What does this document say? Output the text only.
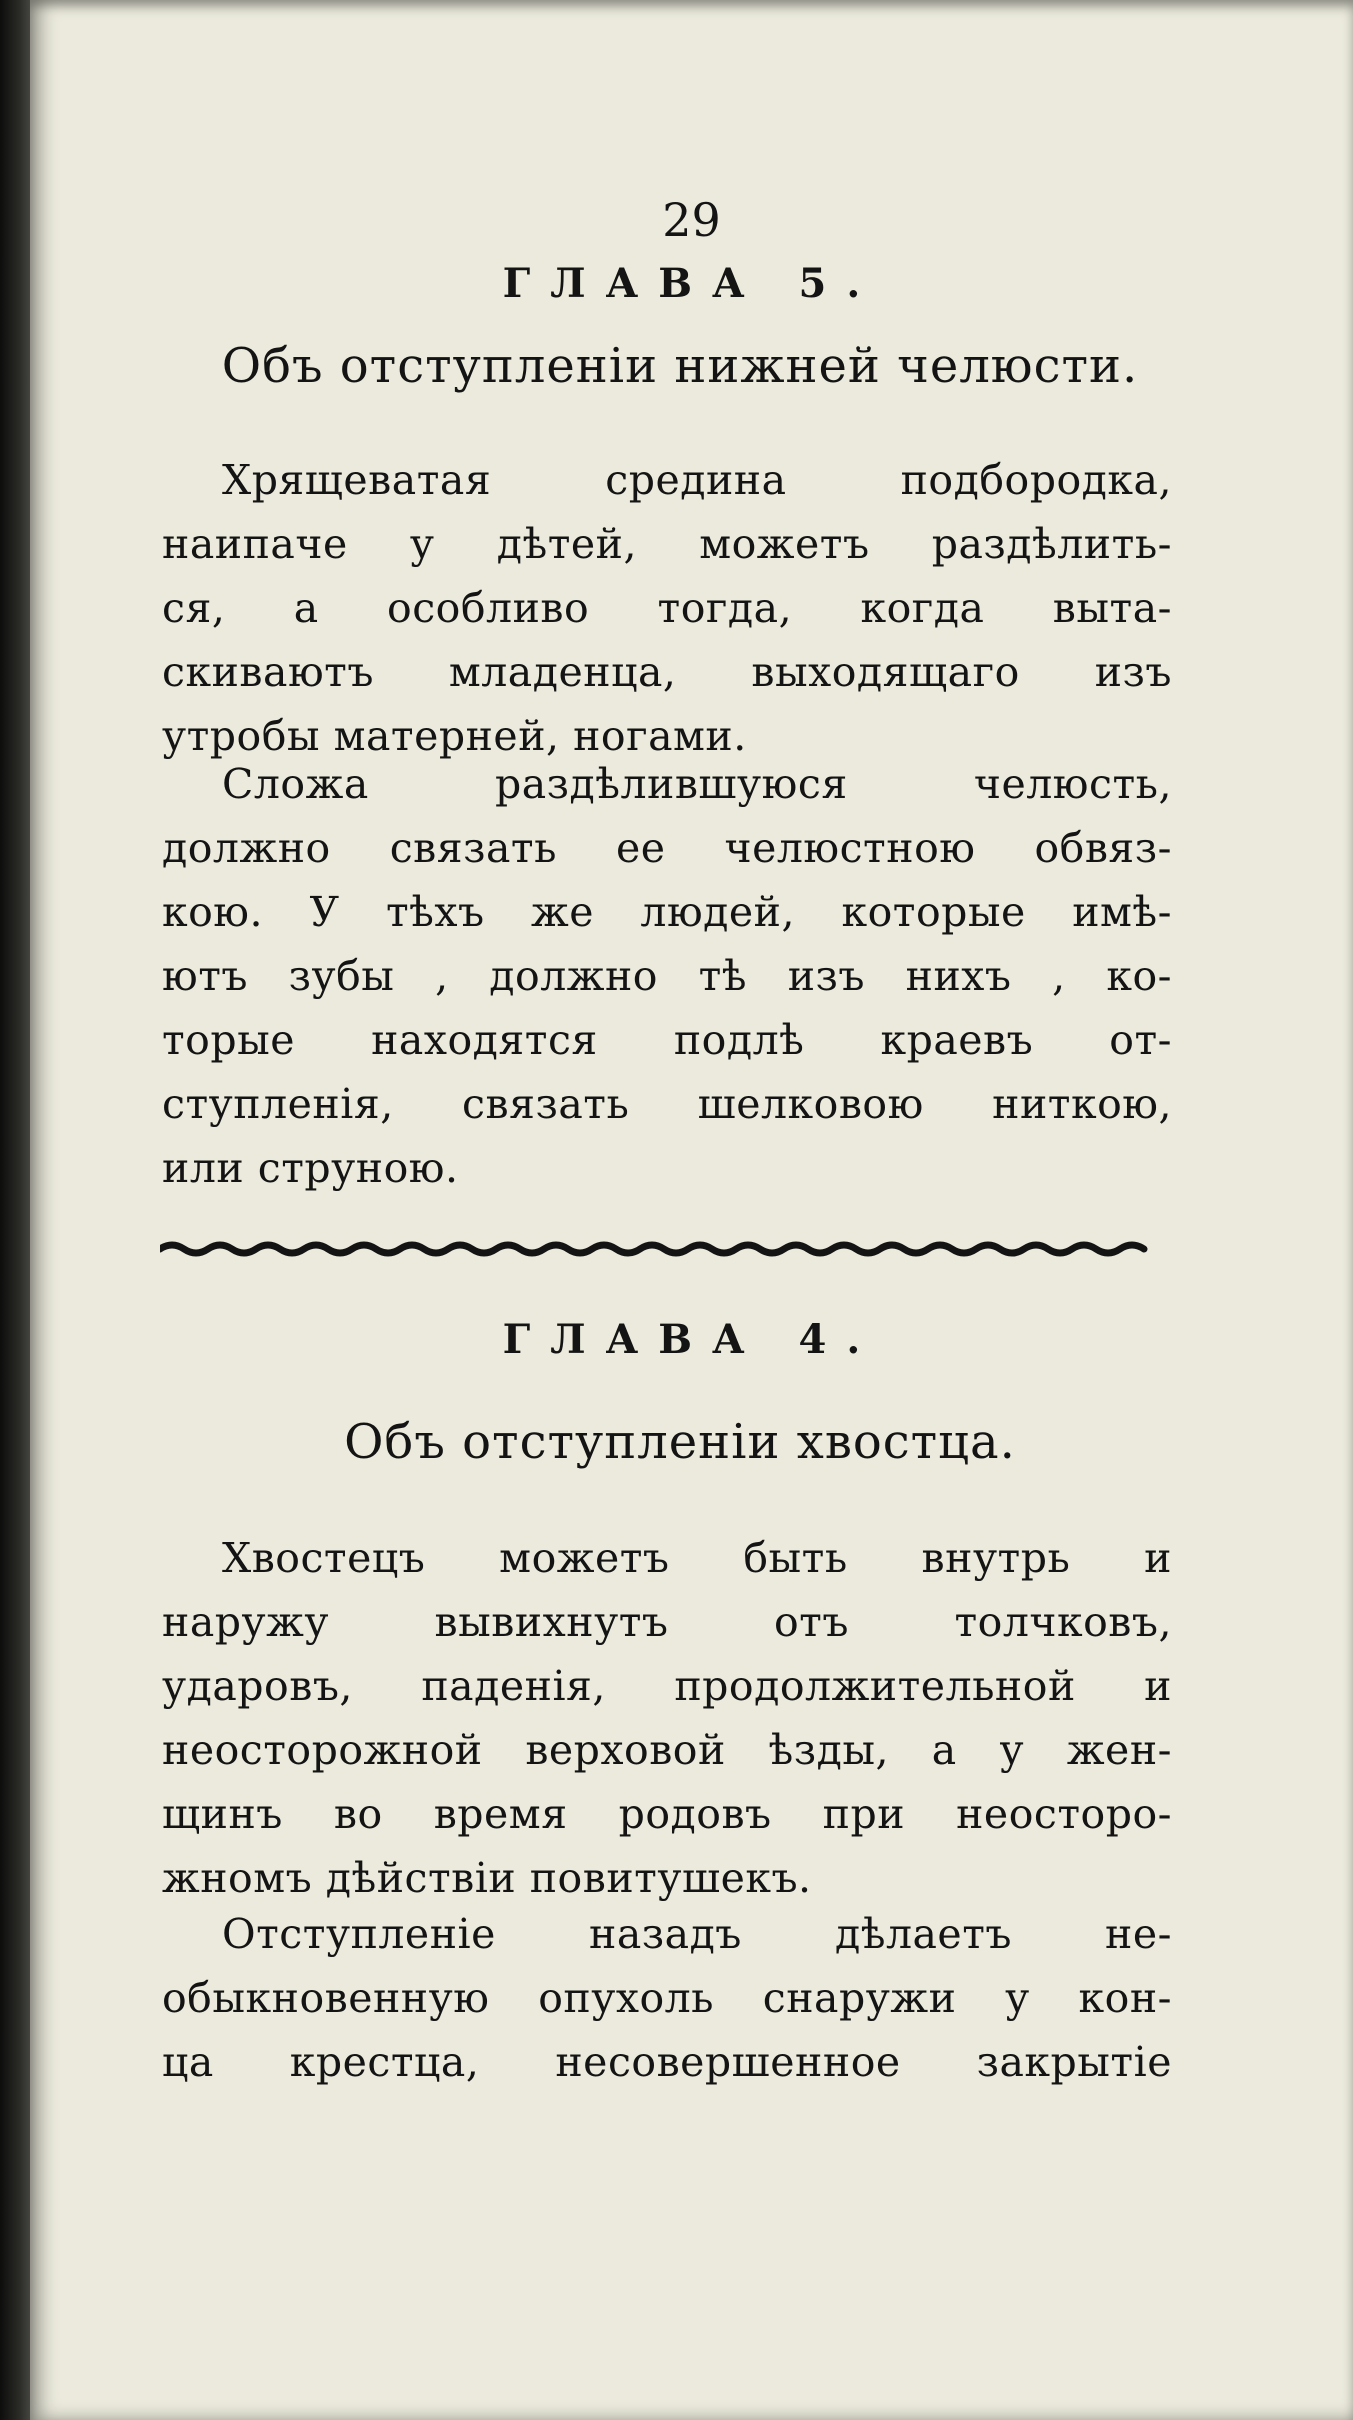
29
ГЛАВА 5.
Объ отступленіи нижней челюсти.
Хрящеватая средина подбородка,
наипаче у дѣтей, можетъ раздѣлить-
ся, а особливо тогда, когда выта-
скиваютъ младенца, выходящаго изъ
утробы матерней, ногами.
Сложа раздѣлившуюся челюсть,
должно связать ее челюстною обвяз-
кою. У тѣхъ же людей, которые имѣ-
ютъ зубы , должно тѣ изъ нихъ , ко-
торые находятся подлѣ краевъ от-
ступленія, связать шелковою ниткою,
или струною.
ГЛАВА 4.
Объ отступленіи хвостца.
Хвостецъ можетъ быть внутрь и
наружу вывихнутъ отъ толчковъ,
ударовъ, паденія, продолжительной и
неосторожной верховой ѣзды, а у жен-
щинъ во время родовъ при неосторо-
жномъ дѣйствіи повитушекъ.
Отступленіе назадъ дѣлаетъ не-
обыкновенную опухоль снаружи у кон-
ца крестца, несовершенное закрытіе
